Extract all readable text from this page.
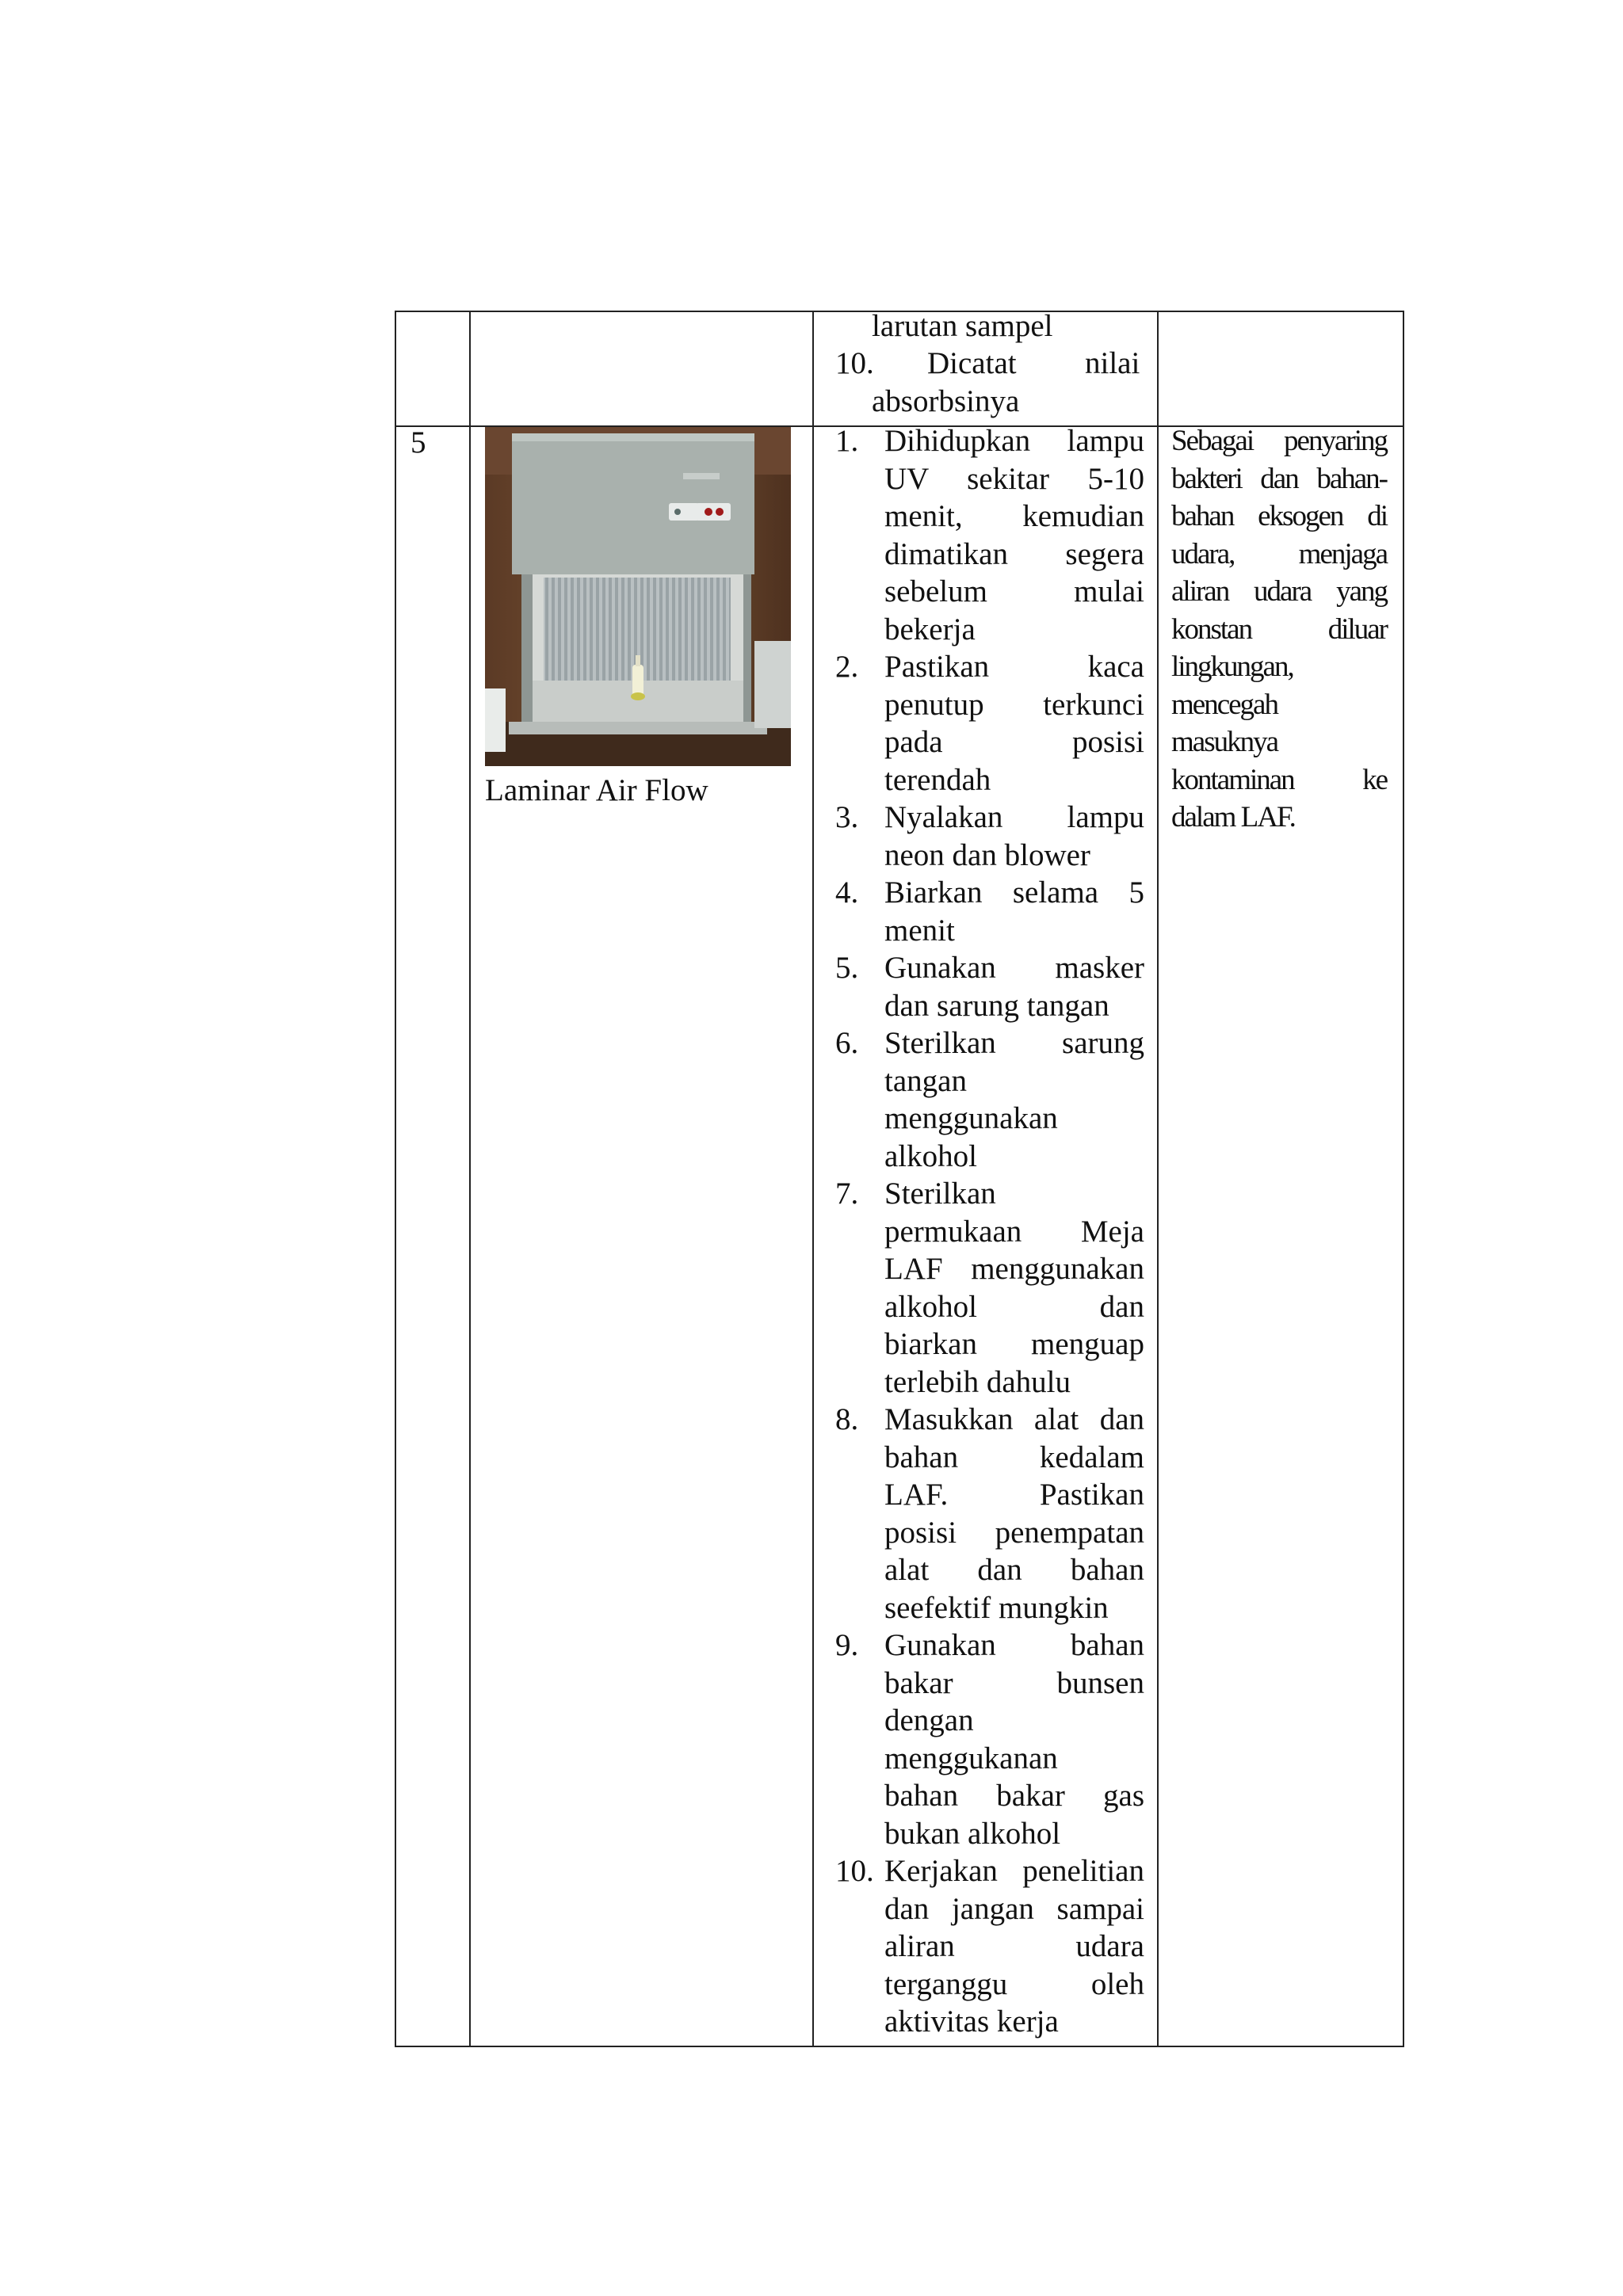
larutan sampel
10. Dicatat nilai
absorbsinya
5
Laminar Air Flow
1. Dihidupkan lampu
UV sekitar 5-10
menit, kemudian
dimatikan segera
sebelum mulai
bekerja
2. Pastikan kaca
penutup terkunci
pada posisi
terendah
3. Nyalakan lampu
neon dan blower
4. Biarkan selama 5
menit
5. Gunakan masker
dan sarung tangan
6. Sterilkan sarung
tangan
menggunakan
alkohol
7. Sterilkan
permukaan Meja
LAF menggunakan
alkohol dan
biarkan menguap
terlebih dahulu
8. Masukkan alat dan
bahan kedalam
LAF. Pastikan
posisi penempatan
alat dan bahan
seefektif mungkin
9. Gunakan bahan
bakar bunsen
dengan
menggukanan
bahan bakar gas
bukan alkohol
10. Kerjakan penelitian
dan jangan sampai
aliran udara
terganggu oleh
aktivitas kerja
Sebagai penyaring
bakteri dan bahan-
bahan eksogen di
udara, menjaga
aliran udara yang
konstan diluar
lingkungan,
mencegah
masuknya
kontaminan ke
dalam LAF.
